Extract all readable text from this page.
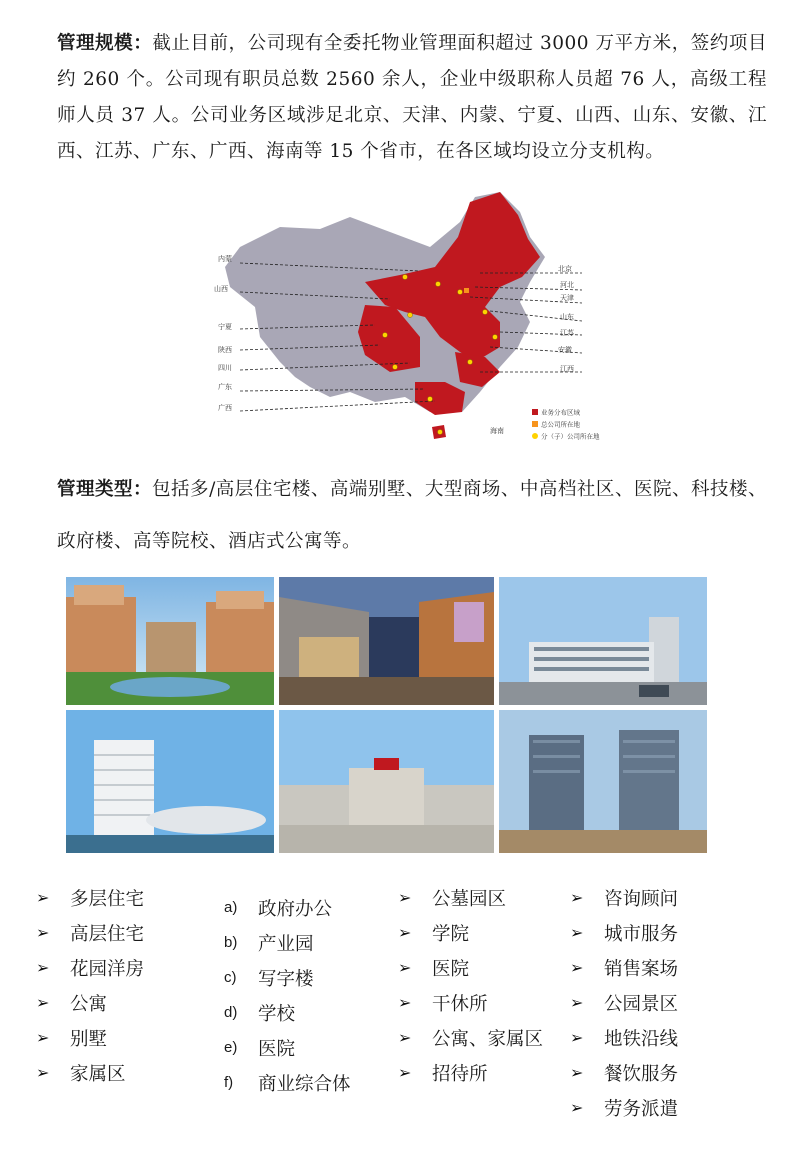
管理规模：截止目前，公司现有全委托物业管理面积超过 3000 万平方米，签约项目约 260 个。公司现有职员总数 2560 余人，企业中级职称人员超 76 人，高级工程师人员 37 人。公司业务区域涉足北京、天津、内蒙、宁夏、山西、山东、安徽、江西、江苏、广东、广西、海南等 15 个省市，在各区域均设立分支机构。

内蒙
山西
宁夏
陕西
四川
广东
广西
北京
河北
天津
山东
江苏
安徽
江西
海南
业务分布区域
总公司所在地
分（子）公司所在地

管理类型：包括多/高层住宅楼、高端别墅、大型商场、中高档社区、医院、科技楼、政府楼、高等院校、酒店式公寓等。

➢	多层住宅
➢	高层住宅
➢	花园洋房
➢	公寓
➢	别墅
➢	家属区
a)	政府办公
b)	产业园
c)	写字楼
d)	学校
e)	医院
f)	商业综合体
➢	公墓园区
➢	学院
➢	医院
➢	干休所
➢	公寓、家属区
➢	招待所
➢	咨询顾问
➢	城市服务
➢	销售案场
➢	公园景区
➢	地铁沿线
➢	餐饮服务
➢	劳务派遣
